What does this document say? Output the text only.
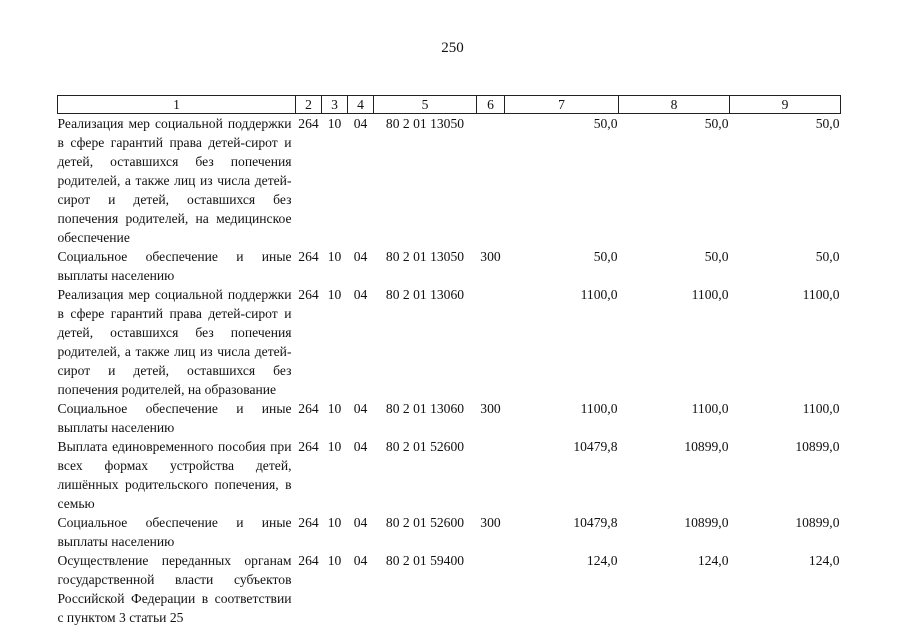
250
1	2	3	4	5	6	7	8	9
Реализация мер социальной поддержки в сфере гарантий права детей-сирот и детей, оставшихся без попечения родителей, а также лиц из числа детей-сирот и детей, оставшихся без попечения родителей, на медицинское обеспечение	264	10	04	80 2 01 13050		50,0	50,0	50,0
Социальное обеспечение и иные выплаты населению	264	10	04	80 2 01 13050	300	50,0	50,0	50,0
Реализация мер социальной поддержки в сфере гарантий права детей-сирот и детей, оставшихся без попечения родителей, а также лиц из числа детей-сирот и детей, оставшихся без попечения родителей, на образование	264	10	04	80 2 01 13060		1100,0	1100,0	1100,0
Социальное обеспечение и иные выплаты населению	264	10	04	80 2 01 13060	300	1100,0	1100,0	1100,0
Выплата единовременного пособия при всех формах устройства детей, лишённых родительского попечения, в семью	264	10	04	80 2 01 52600		10479,8	10899,0	10899,0
Социальное обеспечение и иные выплаты населению	264	10	04	80 2 01 52600	300	10479,8	10899,0	10899,0
Осуществление переданных органам государственной власти субъектов Российской Федерации в соответствии с пунктом 3 статьи 25	264	10	04	80 2 01 59400		124,0	124,0	124,0
